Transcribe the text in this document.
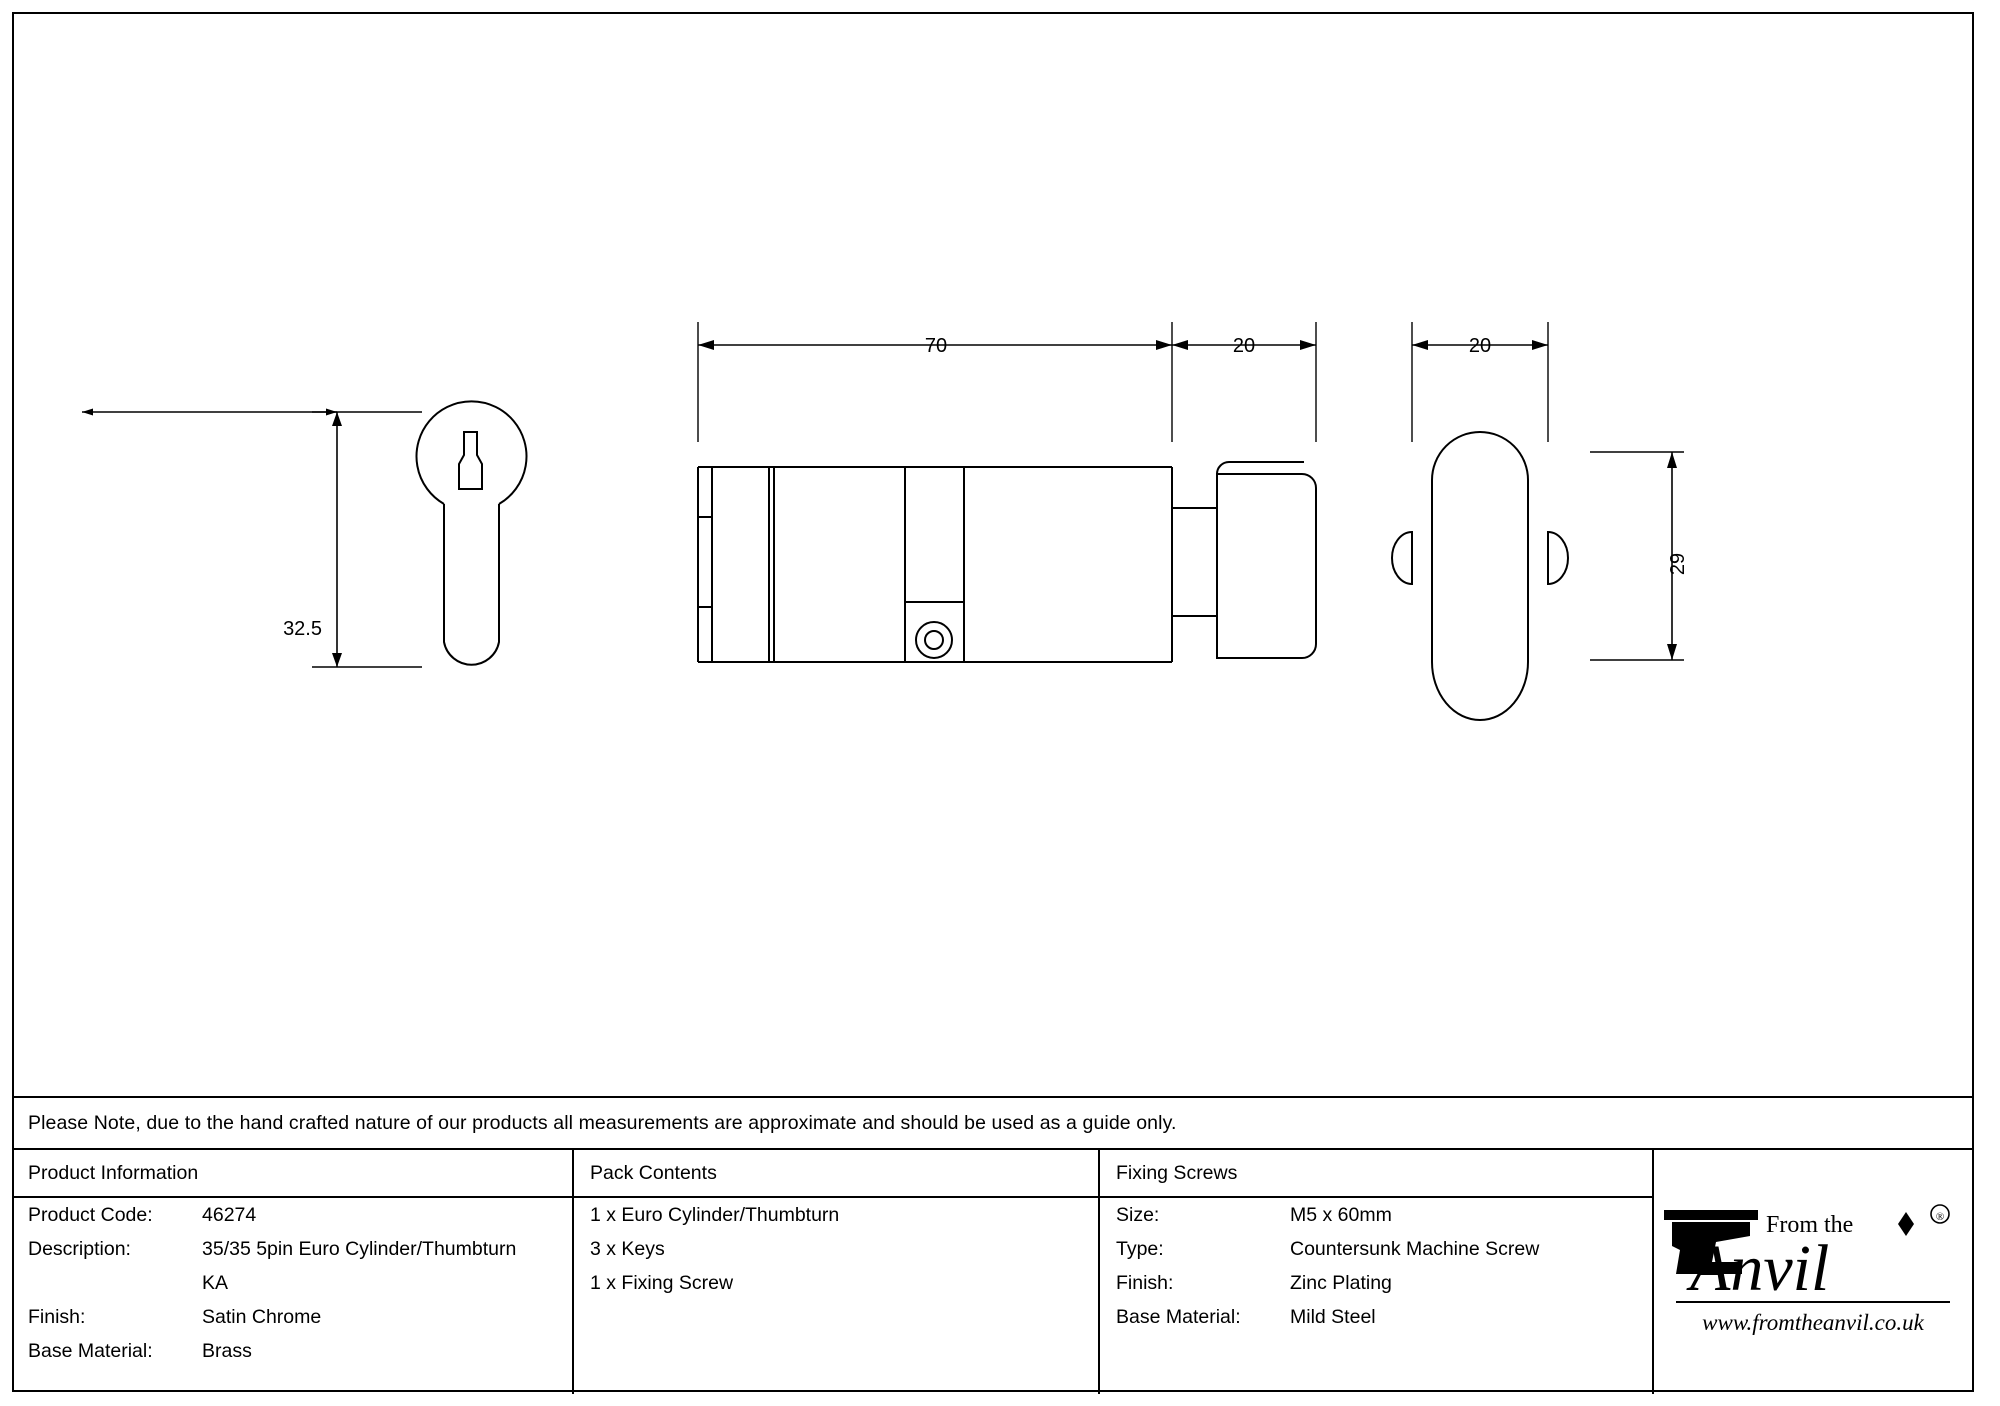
70	20	20
32.5
29
Please Note, due to the hand crafted nature of our products all measurements are approximate and should be used as a guide only.
Product Information
Product Code:	46274
Description:	35/35 5pin Euro Cylinder/Thumbturn
KA
Finish:	Satin Chrome
Base Material:	Brass
Pack Contents
1 x Euro Cylinder/Thumbturn
3 x Keys
1 x Fixing Screw
Fixing Screws
Size:	M5 x 60mm
Type:	Countersunk Machine Screw
Finish:	Zinc Plating
Base Material:	Mild Steel
From the
Anvil
®
www.fromtheanvil.co.uk
